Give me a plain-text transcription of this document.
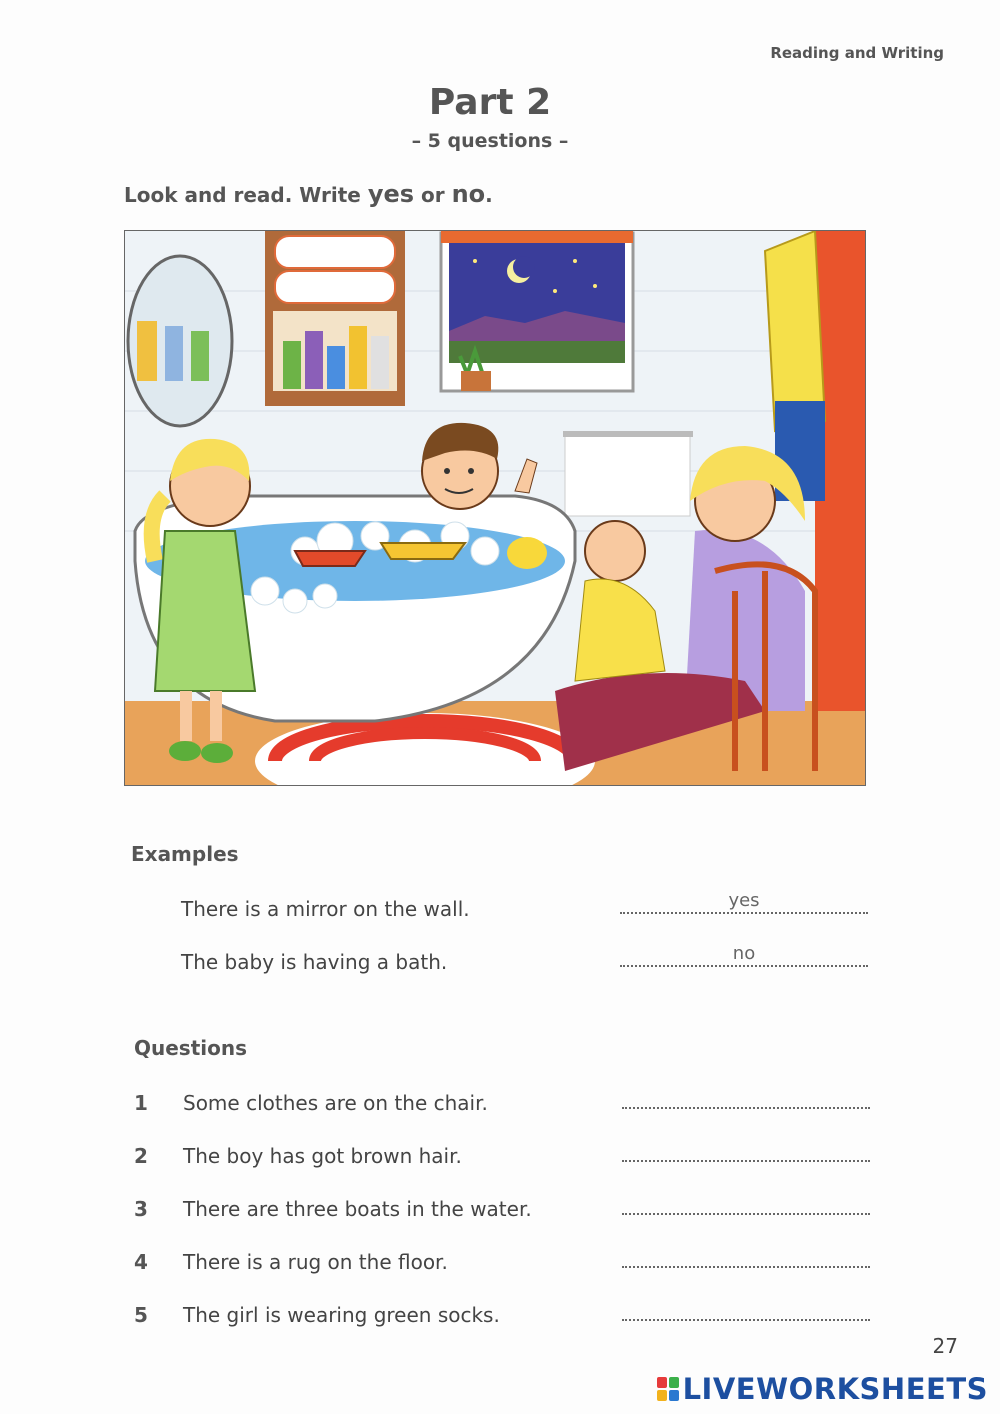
Reading and Writing
Part 2
– 5 questions –
Look and read. Write yes or no.
Examples
There is a mirror on the wall.	yes
The baby is having a bath.	no
Questions
1 Some clothes are on the chair.
2 The boy has got brown hair.
3 There are three boats in the water.
4 There is a rug on the floor.
5 The girl is wearing green socks.
27
LIVEWORKSHEETS
